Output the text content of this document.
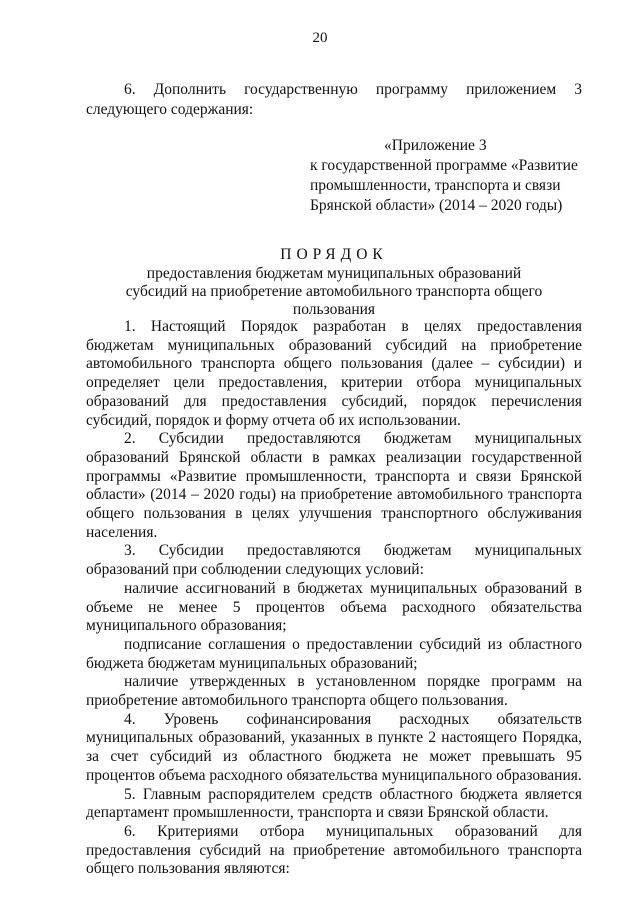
20

6. Дополнить государственную программу приложением 3 следующего содержания:

«Приложение 3
к государственной программе «Развитие промышленности, транспорта и связи Брянской области» (2014 – 2020 годы)
ПОРЯДОК
предоставления бюджетам муниципальных образований
субсидий на приобретение автомобильного транспорта общего пользования

1. Настоящий Порядок разработан в целях предоставления бюджетам муниципальных образований субсидий на приобретение автомобильного транспорта общего пользования (далее – субсидии) и определяет цели предоставления, критерии отбора муниципальных образований для предоставления субсидий, порядок перечисления субсидий, порядок и форму отчета об их использовании.

2. Субсидии предоставляются бюджетам муниципальных образований Брянской области в рамках реализации государственной программы «Развитие промышленности, транспорта и связи Брянской области» (2014 – 2020 годы) на приобретение автомобильного транспорта общего пользования в целях улучшения транспортного обслуживания населения.

3. Субсидии предоставляются бюджетам муниципальных образований при соблюдении следующих условий:

наличие ассигнований в бюджетах муниципальных образований в объеме не менее 5 процентов объема расходного обязательства муниципального образования;

подписание соглашения о предоставлении субсидий из областного бюджета бюджетам муниципальных образований;

наличие утвержденных в установленном порядке программ на приобретение автомобильного транспорта общего пользования.

4. Уровень софинансирования расходных обязательств муниципальных образований, указанных в пункте 2 настоящего Порядка, за счет субсидий из областного бюджета не может превышать 95 процентов объема расходного обязательства муниципального образования.

5. Главным распорядителем средств областного бюджета является департамент промышленности, транспорта и связи Брянской области.

6. Критериями отбора муниципальных образований для предоставления субсидий на приобретение автомобильного транспорта общего пользования являются:
